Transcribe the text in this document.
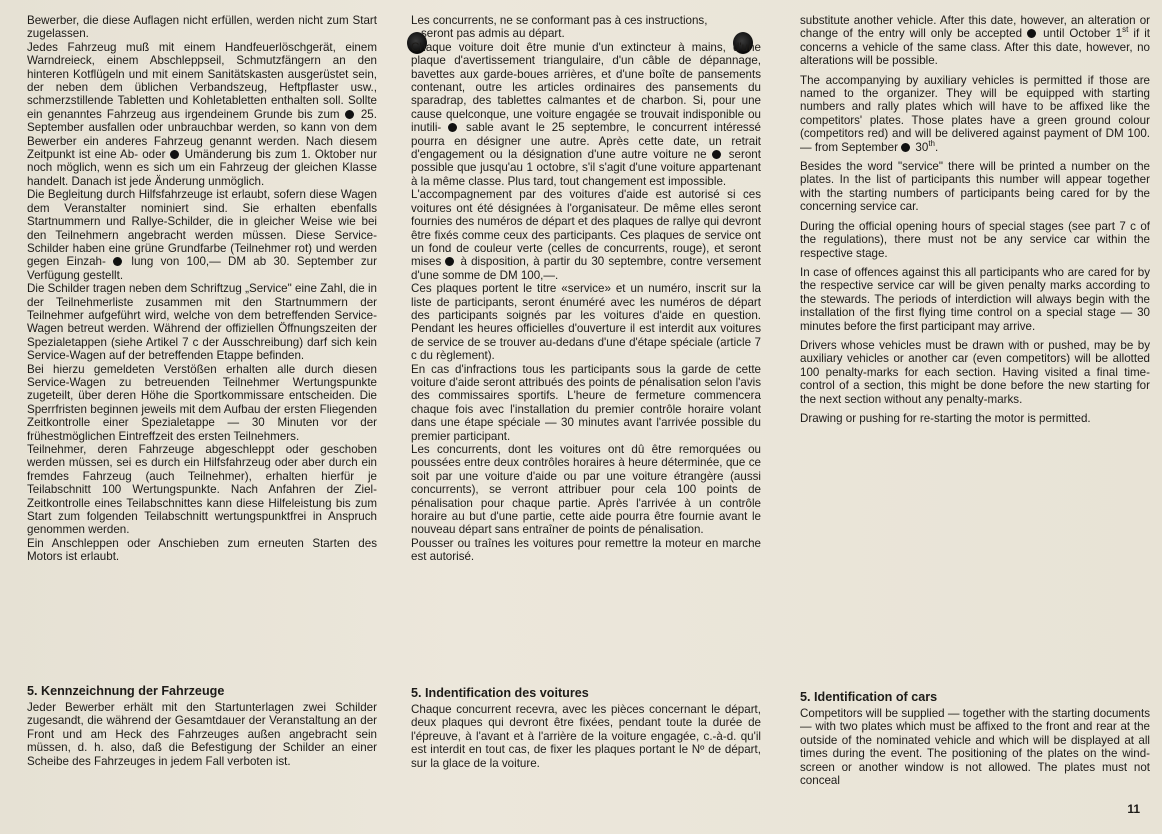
Bewerber, die diese Auflagen nicht erfüllen, werden nicht zum Start zugelassen.

Jedes Fahrzeug muß mit einem Handfeuerlöschgerät, einem Warndreieck, einem Abschleppseil, Schmutzfängern an den hinteren Kotflügeln und mit einem Sanitätskasten ausgerüstet sein, der neben dem üblichen Verbandszeug, Heftpflaster usw., schmerzstillende Tabletten und Kohletabletten enthalten soll. Sollte ein genanntes Fahrzeug aus irgendeinem Grunde bis zum 25. September ausfallen oder unbrauchbar werden, so kann von dem Bewerber ein anderes Fahrzeug genannt werden. Nach diesem Zeitpunkt ist eine Ab- oder Umänderung bis zum 1. Oktober nur noch möglich, wenn es sich um ein Fahrzeug der gleichen Klasse handelt. Danach ist jede Änderung unmöglich.

Die Begleitung durch Hilfsfahrzeuge ist erlaubt, sofern diese Wagen dem Veranstalter nominiert sind. Sie erhalten ebenfalls Startnummern und Rallye-Schilder, die in gleicher Weise wie bei den Teilnehmern angebracht werden müssen. Diese Service-Schilder haben eine grüne Grundfarbe (Teilnehmer rot) und werden gegen Einzah- lung von 100,— DM ab 30. September zur Verfügung gestellt.

Die Schilder tragen neben dem Schriftzug „Service" eine Zahl, die in der Teilnehmerliste zusammen mit den Startnummern der Teilnehmer aufgeführt wird, welche von dem betreffenden Service-Wagen betreut werden. Während der offiziellen Öffnungszeiten der Spezialetappen (siehe Artikel 7 c der Ausschreibung) darf sich kein Service-Wagen auf der betreffenden Etappe befinden.

Bei hierzu gemeldeten Verstößen erhalten alle durch diesen Service-Wagen zu betreuenden Teilnehmer Wertungspunkte zugeteilt, über deren Höhe die Sportkommissare entscheiden. Die Sperrfristen beginnen jeweils mit dem Aufbau der ersten Fliegenden Zeitkontrolle einer Spezialetappe — 30 Minuten vor der frühestmöglichen Eintreffzeit des ersten Teilnehmers.

Teilnehmer, deren Fahrzeuge abgeschleppt oder geschoben werden müssen, sei es durch ein Hilfsfahrzeug oder aber durch ein fremdes Fahrzeug (auch Teilnehmer), erhalten hierfür je Teilabschnitt 100 Wertungspunkte. Nach Anfahren der Ziel-Zeitkontrolle eines Teilabschnittes kann diese Hilfeleistung bis zum Start zum folgenden Teilabschnitt wertungspunktfrei in Anspruch genommen werden.

Ein Anschleppen oder Anschieben zum erneuten Starten des Motors ist erlaubt.

Les concurrents, ne se conformant pas à ces instructions,
seront pas admis au départ.

Chaque voiture doit être munie d'un extincteur à mains, d'une plaque d'avertissement triangulaire, d'un câble de dépannage, bavettes aux garde-boues arrières, et d'une boîte de pansements contenant, outre les articles ordinaires des pansements du sparadrap, des tablettes calmantes et de charbon. Si, pour une cause quelconque, une voiture engagée se trouvait indisponible ou inutili- sable avant le 25 septembre, le concurrent intéressé pourra en désigner une autre. Après cette date, un retrait d'engagement ou la désignation d'une autre voiture ne seront possible que jusqu'au 1 octobre, s'il s'agit d'une voiture appartenant à la même classe. Plus tard, tout changement est impossible.

L'accompagnement par des voitures d'aide est autorisé si ces voitures ont été désignées à l'organisateur. De même elles seront fournies des numéros de départ et des plaques de rallye qui devront être fixés comme ceux des participants. Ces plaques de service ont un fond de couleur verte (celles de concurrents, rouge), et seront mises à disposition, à partir du 30 septembre, contre versement d'une somme de DM 100,—.

Ces plaques portent le titre «service» et un numéro, inscrit sur la liste de participants, seront énuméré avec les numéros de départ des participants soignés par les voitures d'aide en question. Pendant les heures officielles d'ouverture il est interdit aux voitures de service de se trouver au-dedans d'une d'étape spéciale (article 7 c du règlement).

En cas d'infractions tous les participants sous la garde de cette voiture d'aide seront attribués des points de pénalisation selon l'avis des commissaires sportifs. L'heure de fermeture commencera chaque fois avec l'installation du premier contrôle horaire volant dans une étape spéciale — 30 minutes avant l'arrivée possible du premier participant.

Les concurrents, dont les voitures ont dû être remorquées ou poussées entre deux contrôles horaires à heure déterminée, que ce soit par une voiture d'aide ou par une voiture étrangère (aussi concurrents), se verront attribuer pour cela 100 points de pénalisation pour chaque partie. Après l'arrivée à un contrôle horaire au but d'une partie, cette aide pourra être fournie avant le nouveau départ sans entraîner de points de pénalisation.

Pousser ou traînes les voitures pour remettre la moteur en marche est autorisé.

substitute another vehicle. After this date, however, an alteration or change of the entry will only be accepted until October 1st if it concerns a vehicle of the same class. After this date, however, no alterations will be possible.

The accompanying by auxiliary vehicles is permitted if those are named to the organizer. They will be equipped with starting numbers and rally plates which will have to be affixed like the competitors' plates. Those plates have a green ground colour (competitors red) and will be delivered against payment of DM 100.— from September 30th.

Besides the word "service" there will be printed a number on the plates. In the list of participants this number will appear together with the starting numbers of participants being cared for by the concerning service car.

During the official opening hours of special stages (see part 7 c of the regulations), there must not be any service car within the respective stage.

In case of offences against this all participants who are cared for by the respective service car will be given penalty marks according to the stewards. The periods of interdiction will always begin with the installation of the first flying time control on a special stage — 30 minutes before the first participant may arrive.

Drivers whose vehicles must be drawn with or pushed, may be by auxiliary vehicles or another car (even competitors) will be allotted 100 penalty-marks for each section. Having visited a final time-control of a section, this might be done before the new starting for the next section without any penalty-marks.

Drawing or pushing for re-starting the motor is permitted.

5. Kennzeichnung der Fahrzeuge

Jeder Bewerber erhält mit den Startunterlagen zwei Schilder zugesandt, die während der Gesamtdauer der Veranstaltung an der Front und am Heck des Fahrzeuges außen angebracht sein müssen, d. h. also, daß die Befestigung der Schilder an einer Scheibe des Fahrzeuges in jedem Fall verboten ist.

5. Indentification des voitures

Chaque concurrent recevra, avec les pièces concernant le départ, deux plaques qui devront être fixées, pendant toute la durée de l'épreuve, à l'avant et à l'arrière de la voiture engagée, c.-à-d. qu'il est interdit en tout cas, de fixer les plaques portant le Nº de départ, sur la glace de la voiture.

5. Identification of cars

Competitors will be supplied — together with the starting documents — with two plates which must be affixed to the front and rear at the outside of the nominated vehicle and which will be displayed at all times during the event. The positioning of the plates on the wind-screen or another window is not allowed. The plates must not conceal

11
